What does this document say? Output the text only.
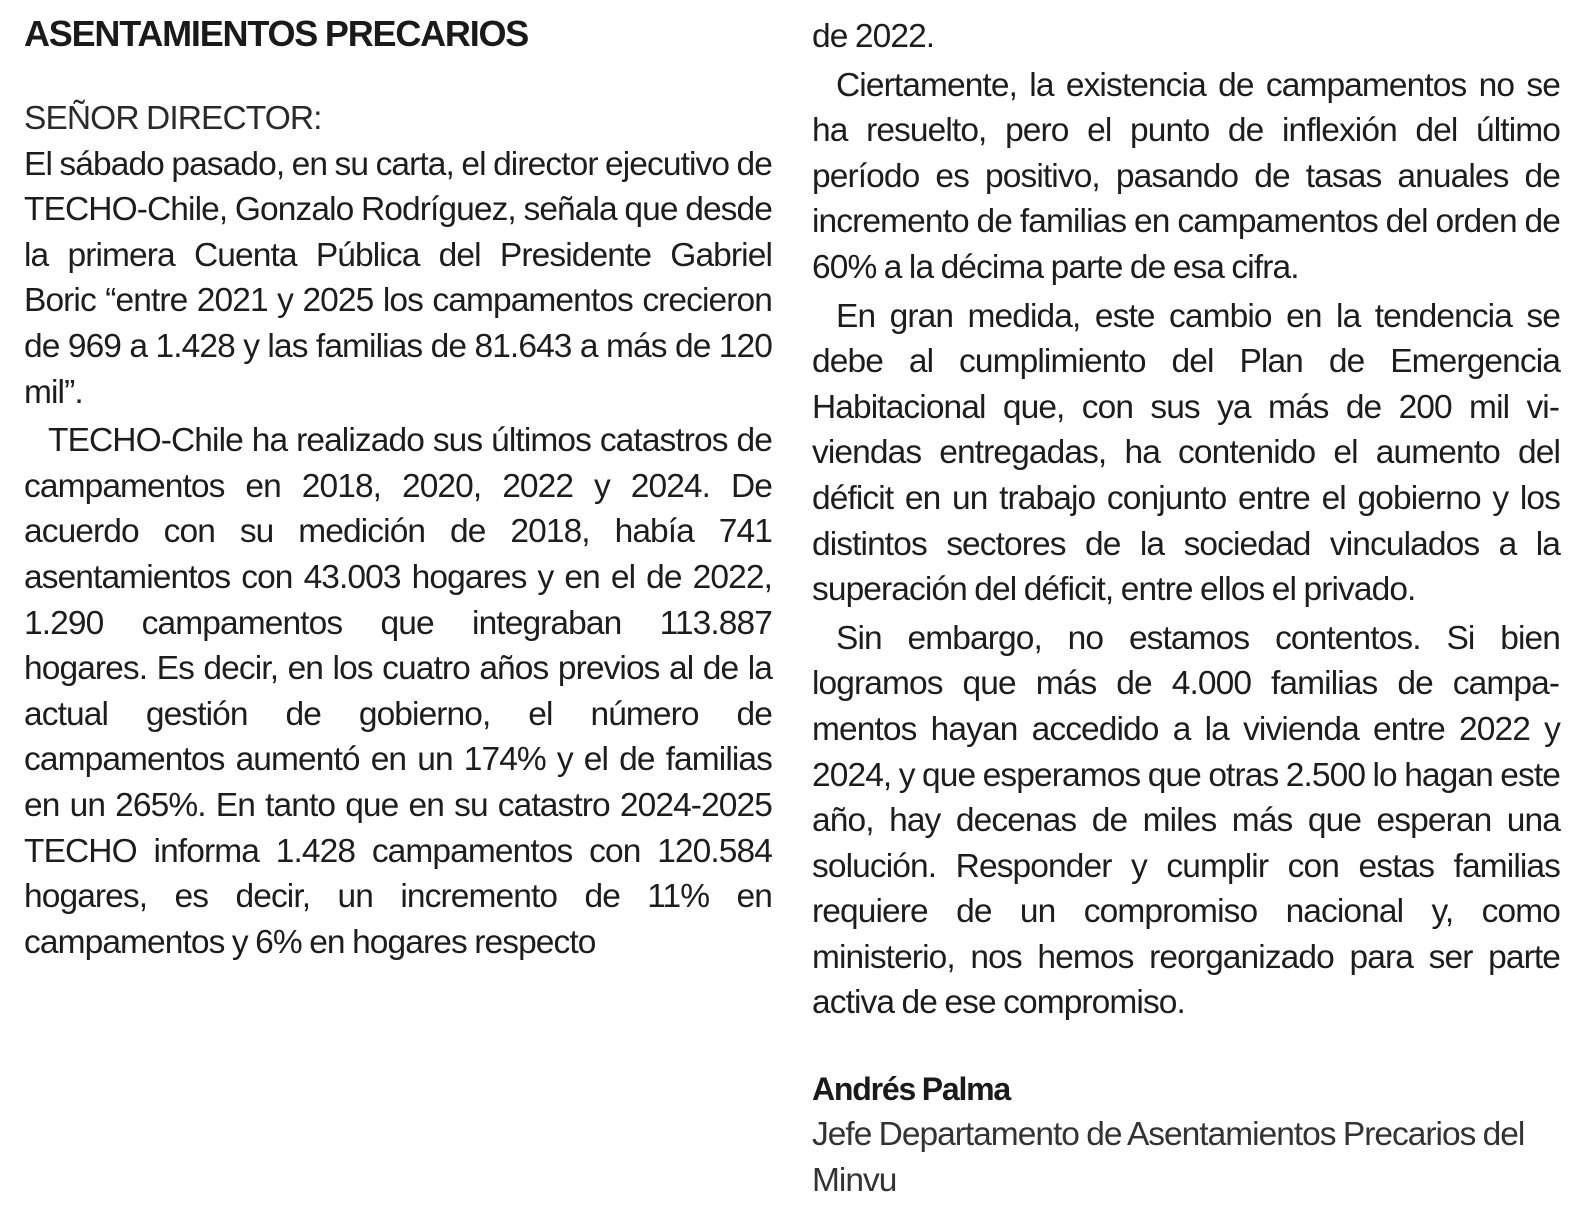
ASENTAMIENTOS PRECARIOS
SEÑOR DIRECTOR:

El sábado pasado, en su carta, el director ejecutivo de TECHO-Chile, Gonzalo Rodríguez, señala que desde la primera Cuenta Pública del Presidente Gabriel Boric “entre 2021 y 2025 los campamentos crecieron de 969 a 1.428 y las familias de 81.643 a más de 120 mil”.

TECHO-Chile ha realizado sus últimos catastros de campamentos en 2018, 2020, 2022 y 2024. De acuerdo con su medición de 2018, había 741 asentamientos con 43.003 hogares y en el de 2022, 1.290 campamentos que integraban 113.887 hogares. Es decir, en los cuatro años previos al de la actual gestión de gobierno, el número de campamentos aumentó en un 174% y el de familias en un 265%. En tanto que en su catastro 2024-2025 TECHO informa 1.428 campamentos con 120.584 hogares, es decir, un incremento de 11% en campamentos y 6% en hogares respecto

de 2022.

Ciertamente, la existencia de campamentos no se ha resuelto, pero el punto de inflexión del último período es positivo, pasando de tasas anuales de incremento de familias en campamentos del orden de 60% a la décima parte de esa cifra.

En gran medida, este cambio en la tendencia se debe al cumplimiento del Plan de Emergencia Habitacional que, con sus ya más de 200 mil viviendas entregadas, ha contenido el aumento del déficit en un trabajo conjunto entre el gobierno y los distintos sectores de la sociedad vinculados a la superación del déficit, entre ellos el privado.

Sin embargo, no estamos contentos. Si bien logramos que más de 4.000 familias de campamentos hayan accedido a la vivienda entre 2022 y 2024, y que esperamos que otras 2.500 lo hagan este año, hay decenas de miles más que esperan una solución. Responder y cumplir con estas familias requiere de un compromiso nacional y, como ministerio, nos hemos reorganizado para ser parte activa de ese compromiso.

Andrés Palma
Jefe Departamento de Asentamientos Precarios del Minvu
